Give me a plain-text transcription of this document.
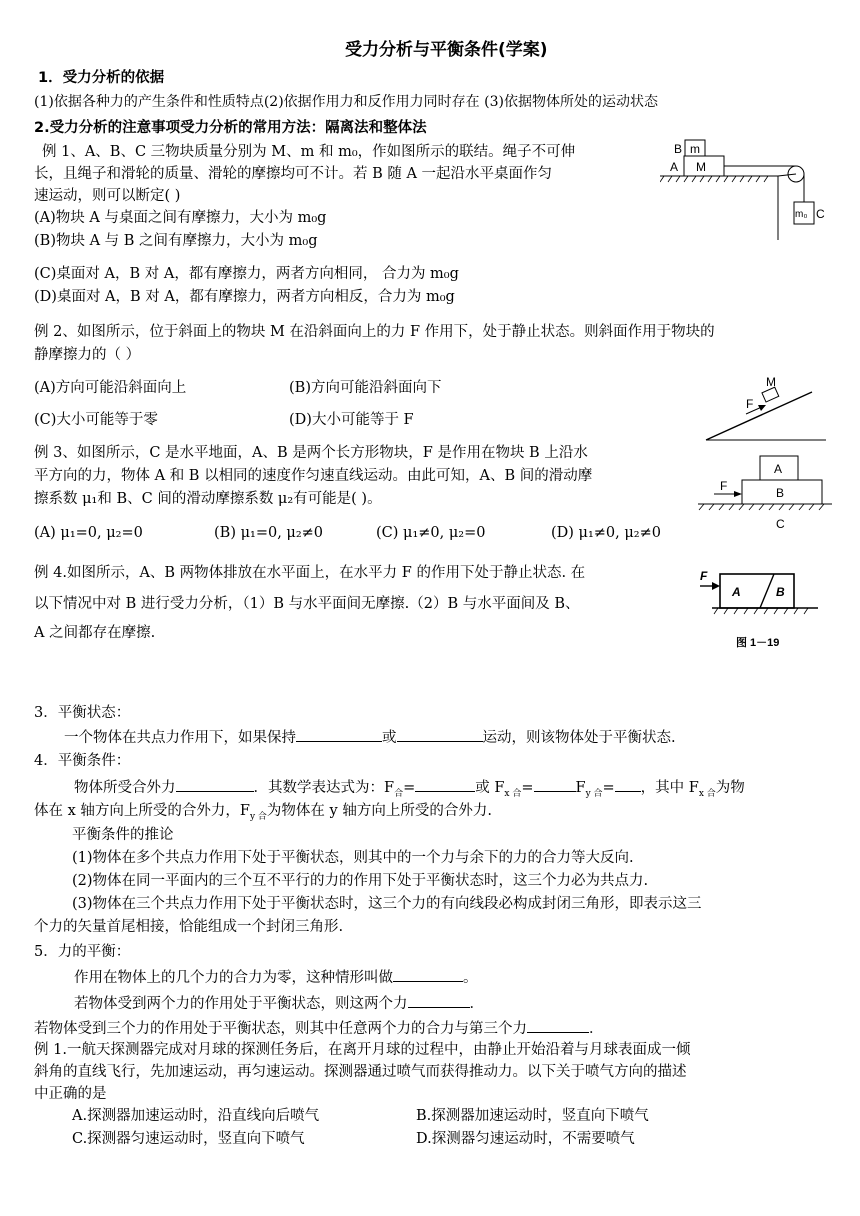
受力分析与平衡条件(学案)
1．受力分析的依据
(1)依据各种力的产生条件和性质特点(2)依据作用力和反作用力同时存在 (3)依据物体所处的运动状态
2.受力分析的注意事项受力分析的常用方法：隔离法和整体法
例 1、A、B、C 三物块质量分别为 M、m 和 m₀，作如图所示的联结。绳子不可伸
长，且绳子和滑轮的质量、滑轮的摩擦均可不计。若 B 随 A 一起沿水平桌面作匀
速运动，则可以断定( )
(A)物块 A 与桌面之间有摩擦力，大小为 m₀g
(B)物块 A 与 B 之间有摩擦力，大小为 m₀g
(C)桌面对 A，B 对 A，都有摩擦力，两者方向相同， 合力为 m₀g
(D)桌面对 A，B 对 A，都有摩擦力，两者方向相反，合力为 m₀g
B m
A M
m₀ C
例 2、如图所示，位于斜面上的物块 M 在沿斜面向上的力 F 作用下，处于静止状态。则斜面作用于物块的
静摩擦力的（ ）
(A)方向可能沿斜面向上	(B)方向可能沿斜面向下
(C)大小可能等于零	(D)大小可能等于 F
M
F
例 3、如图所示，C 是水平地面，A、B 是两个长方形物块，F 是作用在物块 B 上沿水
平方向的力，物体 A 和 B 以相同的速度作匀速直线运动。由此可知，A、B 间的滑动摩
擦系数 μ₁和 B、C 间的滑动摩擦系数 μ₂有可能是( )。
(A) μ₁=0, μ₂=0	(B) μ₁=0, μ₂≠0	(C) μ₁≠0, μ₂=0	(D) μ₁≠0, μ₂≠0
A
B
F
C
例 4.如图所示，A、B 两物体排放在水平面上，在水平力 F 的作用下处于静止状态. 在
以下情况中对 B 进行受力分析，（1）B 与水平面间无摩擦.（2）B 与水平面间及 B、
A 之间都存在摩擦.
F
A	B
图 1－19
3．平衡状态：
一个物体在共点力作用下，如果保持	或	运动，则该物体处于平衡状态.
4．平衡条件：
物体所受合外力	．其数学表达式为：$F_合=$	或 $F_{x 合}=$	$F_{y 合}=$ ，其中 $F_{x 合}$为物
体在 x 轴方向上所受的合外力，$F_{y 合}$为物体在 y 轴方向上所受的合外力.
平衡条件的推论
(1)物体在多个共点力作用下处于平衡状态，则其中的一个力与余下的力的合力等大反向.
(2)物体在同一平面内的三个互不平行的力的作用下处于平衡状态时，这三个力必为共点力.
(3)物体在三个共点力作用下处于平衡状态时，这三个力的有向线段必构成封闭三角形，即表示这三
个力的矢量首尾相接，恰能组成一个封闭三角形.
5．力的平衡：
作用在物体上的几个力的合力为零，这种情形叫做	。
若物体受到两个力的作用处于平衡状态，则这两个力	．
若物体受到三个力的作用处于平衡状态，则其中任意两个力的合力与第三个力	．
例 1.一航天探测器完成对月球的探测任务后，在离开月球的过程中，由静止开始沿着与月球表面成一倾
斜角的直线飞行，先加速运动，再匀速运动。探测器通过喷气而获得推动力。以下关于喷气方向的描述
中正确的是
A.探测器加速运动时，沿直线向后喷气	B.探测器加速运动时，竖直向下喷气
C.探测器匀速运动时，竖直向下喷气	D.探测器匀速运动时，不需要喷气
